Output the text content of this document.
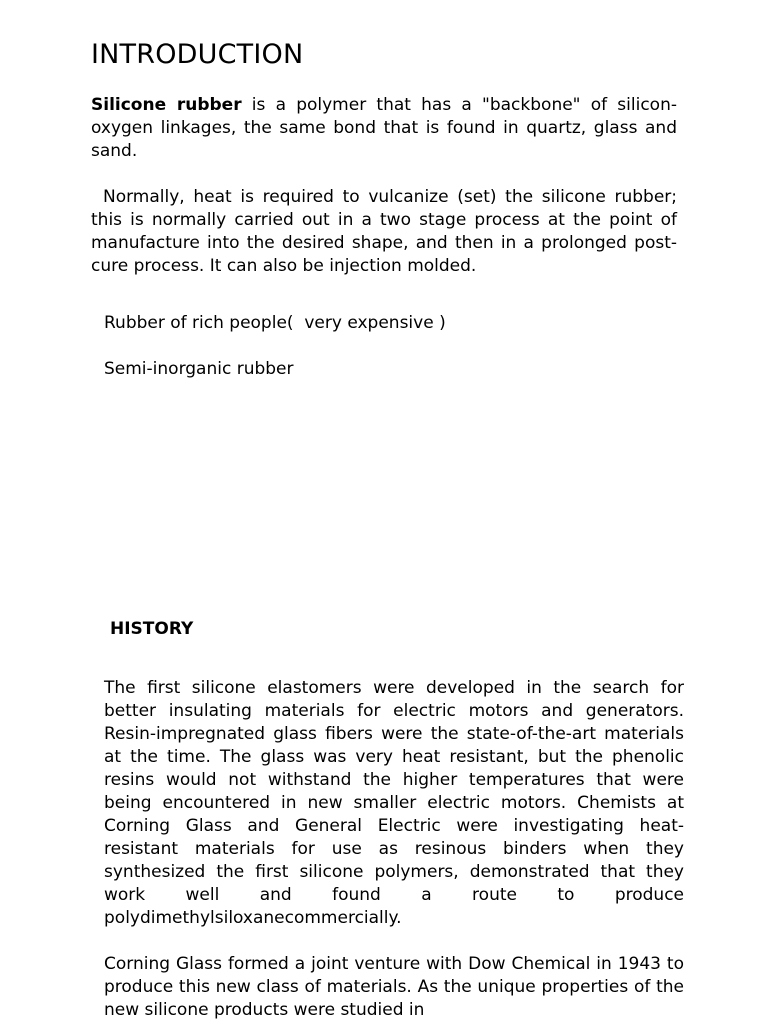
INTRODUCTION

Silicone rubber is a polymer that has a "backbone" of silicon-oxygen linkages, the same bond that is found in quartz, glass and sand.

Normally, heat is required to vulcanize (set) the silicone rubber; this is normally carried out in a two stage process at the point of manufacture into the desired shape, and then in a prolonged post-cure process. It can also be injection molded.

Rubber of rich people(  very expensive )

Semi-inorganic rubber

HISTORY

The first silicone elastomers were developed in the search for better insulating materials for electric motors and generators. Resin-impregnated glass fibers were the state-of-the-art materials at the time. The glass was very heat resistant, but the phenolic resins would not withstand the higher temperatures that were being encountered in new smaller electric motors. Chemists at Corning Glass and General Electric were investigating heat-resistant materials for use as resinous binders when they synthesized the first silicone polymers, demonstrated that they work well and found a route to produce polydimethylsiloxanecommercially.

Corning Glass formed a joint venture with Dow Chemical in 1943 to produce this new class of materials. As the unique properties of the new silicone products were studied in
